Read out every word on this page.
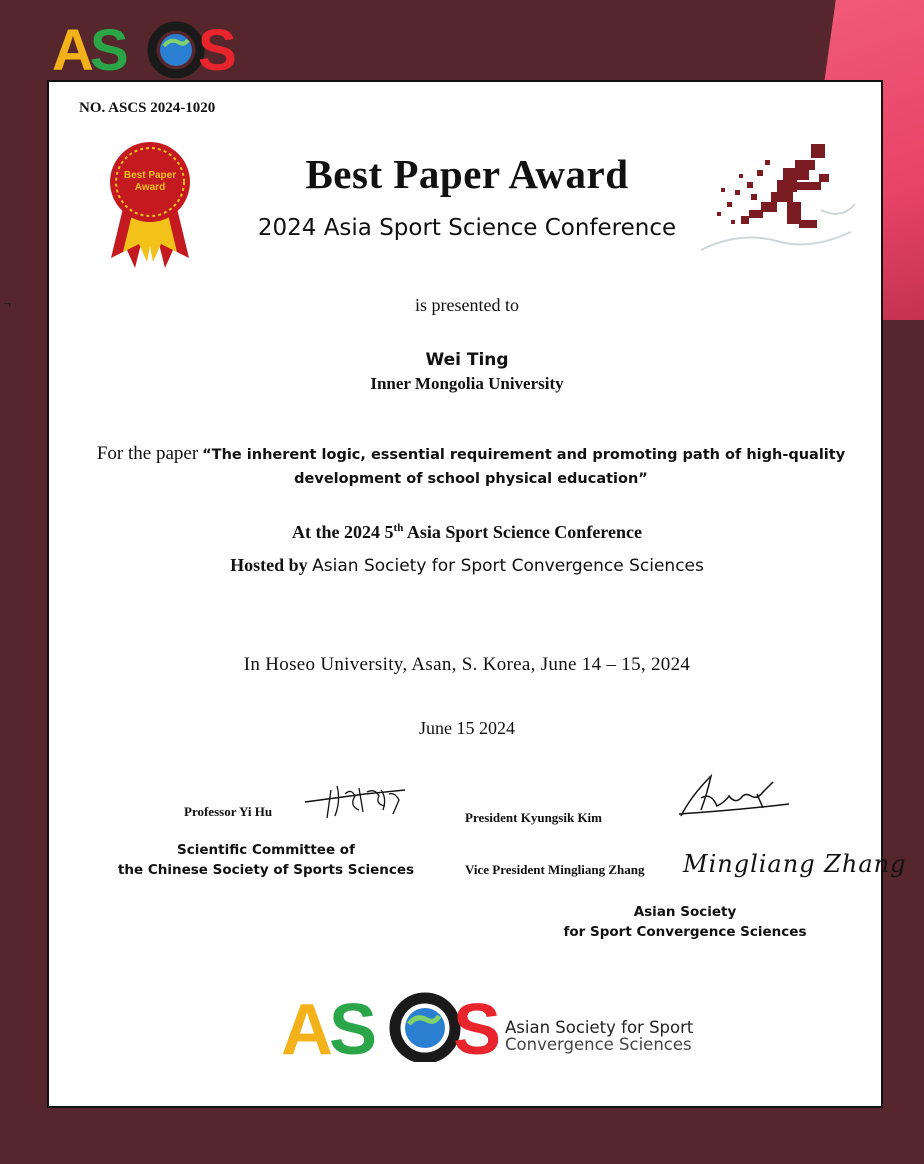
ᄀ
A
S S
NO. ASCS 2024-1020
Best Paper
Award	Best Paper Award
2024 Asia Sport Science Conference
is presented to
Wei Ting
Inner Mongolia University
For the paper “The inherent logic, essential requirement and promoting path of high-quality development of school physical education”
At the 2024 5th Asia Sport Science Conference
Hosted by Asian Society for Sport Convergence Sciences
In Hoseo University, Asan, S. Korea, June 14 – 15, 2024
June 15 2024
Professor Yi Hu
Scientific Committee of
the Chinese Society of Sports Sciences
President Kyungsik Kim
Vice President Mingliang Zhang Mingliang Zhang
Asian Society
for Sport Convergence Sciences
A
S S Asian Society for Sport
Convergence Sciences
